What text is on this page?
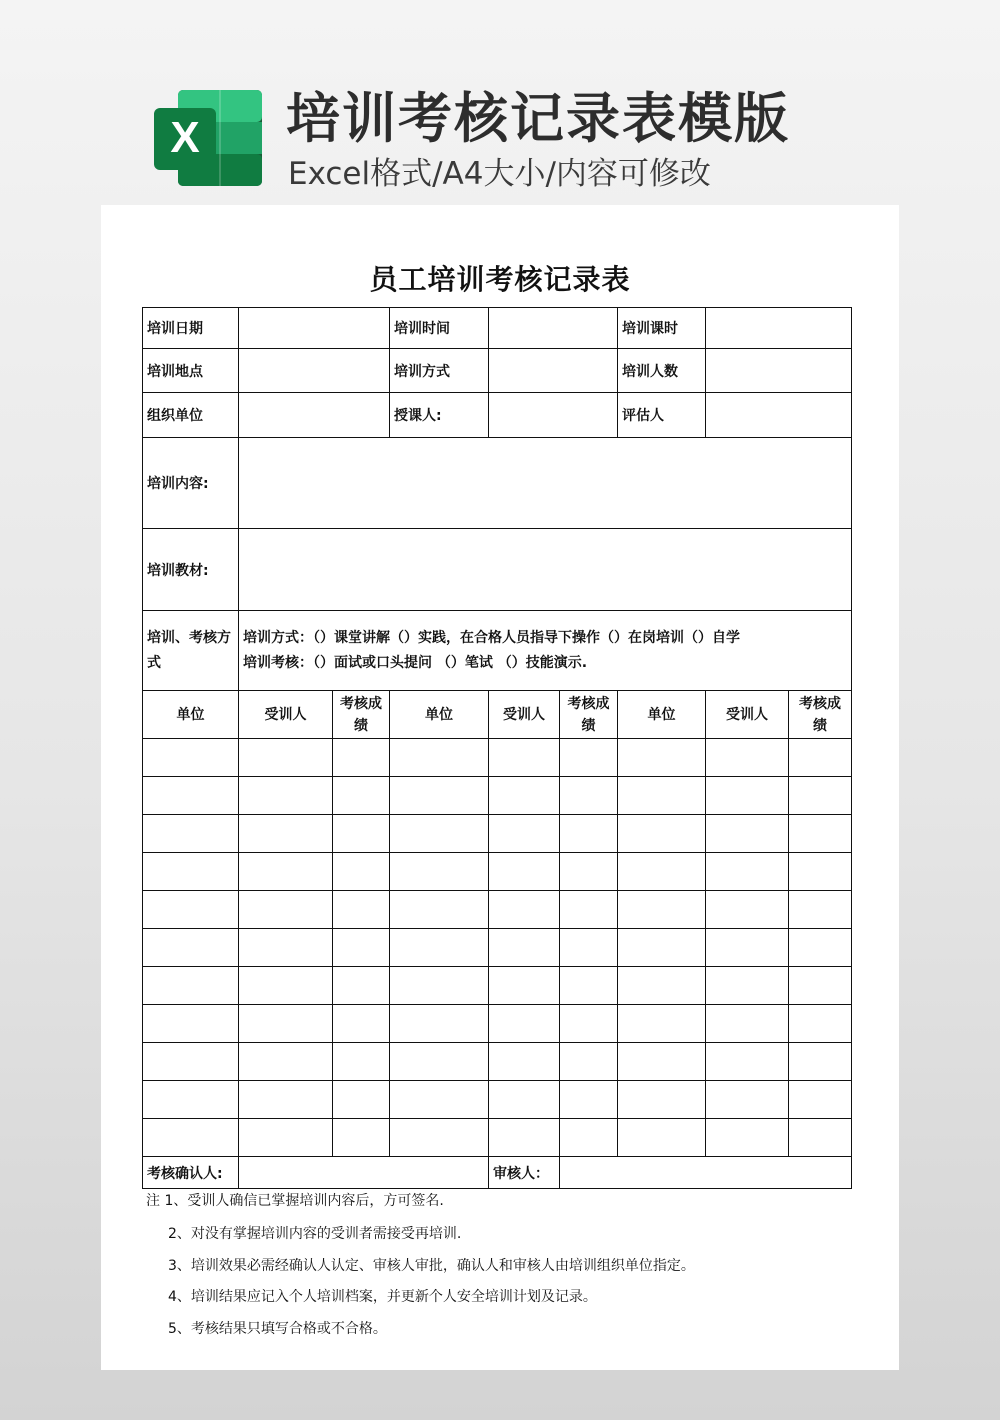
X 培训考核记录表模版
Excel格式/A4大小/内容可修改
员工培训考核记录表
培训日期			培训时间			培训课时		
培训地点			培训方式			培训人数		
组织单位			授课人:			评估人		
培训内容:								
培训教材:								
培训、考核方式	培训方式：（）课堂讲解（）实践，在合格人员指导下操作（）在岗培训（）自学
培训考核：（）面试或口头提问 （）笔试 （）技能演示.							

单位	受训人	考核成绩	单位	受训人	考核成绩	单位	受训人	考核成绩

考核确认人:				审核人：				
注 1、受训人确信已掌握培训内容后，方可签名.
2、对没有掌握培训内容的受训者需接受再培训.
3、培训效果必需经确认人认定、审核人审批，确认人和审核人由培训组织单位指定。
4、培训结果应记入个人培训档案，并更新个人安全培训计划及记录。
5、考核结果只填写合格或不合格。
